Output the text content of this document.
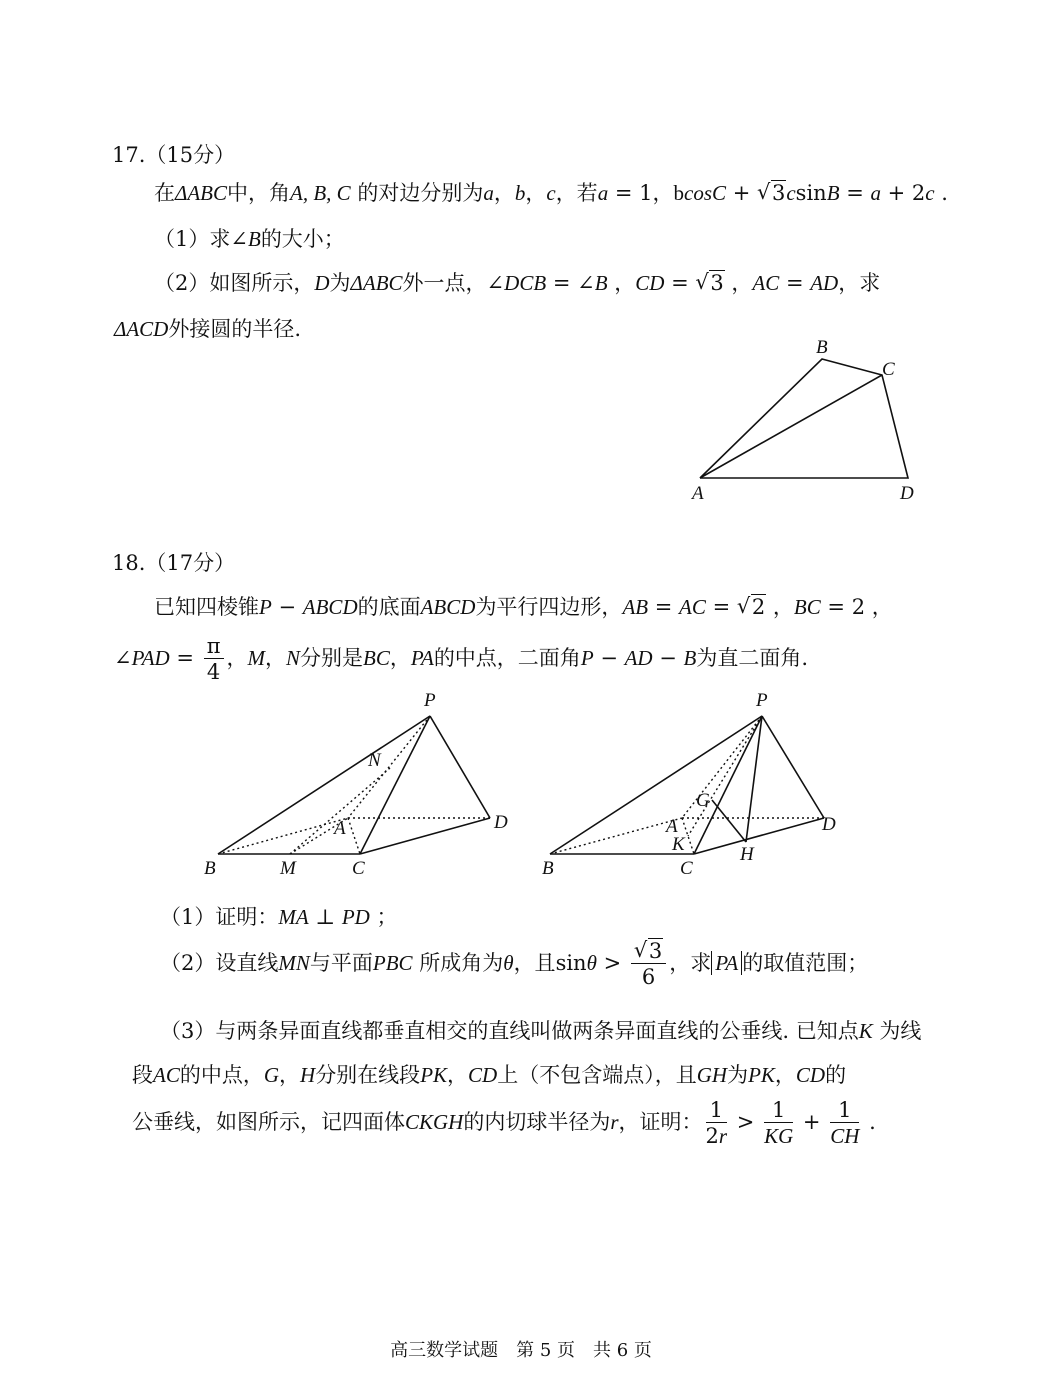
17.（15分）
在ΔABC中，角A, B, C 的对边分别为a，b，c，若a = 1，bcosC + √ 3csinB = a + 2c .
（1）求∠B的大小；
（2）如图所示，D为ΔABC外一点，∠DCB = ∠B ，CD = √ 3 ，AC = AD，求
ΔACD外接圆的半径.
B
C
A	D
18.（17分）
已知四棱锥P − ABCD的底面ABCD为平行四边形，AB = AC = √ 2 ，BC = 2 ，
∠PAD = $\frac{\pi}{4}$ ，M，N分别是BC，PA的中点，二面角P − AD − B为直二面角.
P
N
A	D
B	M	C
P
G
A
K
D
H
B	C
（1）证明：MA ⊥ PD ；
（2）设直线MN与平面PBC 所成角为θ，且sinθ >
√ $\frac{3}{6}$ ，求 PA 的取值范围；
（3）与两条异面直线都垂直相交的直线叫做两条异面直线的公垂线. 已知点K 为线
段AC的中点，G，H分别在线段PK，CD上（不包含端点），且GH为PK，CD的
公垂线，如图所示，记四面体CKGH的内切球半径为r，证明： $\frac{1}{2r} > \frac{1}{KG} + \frac{1}{CH}$ .
高三数学试题　第 5 页　共 6 页
